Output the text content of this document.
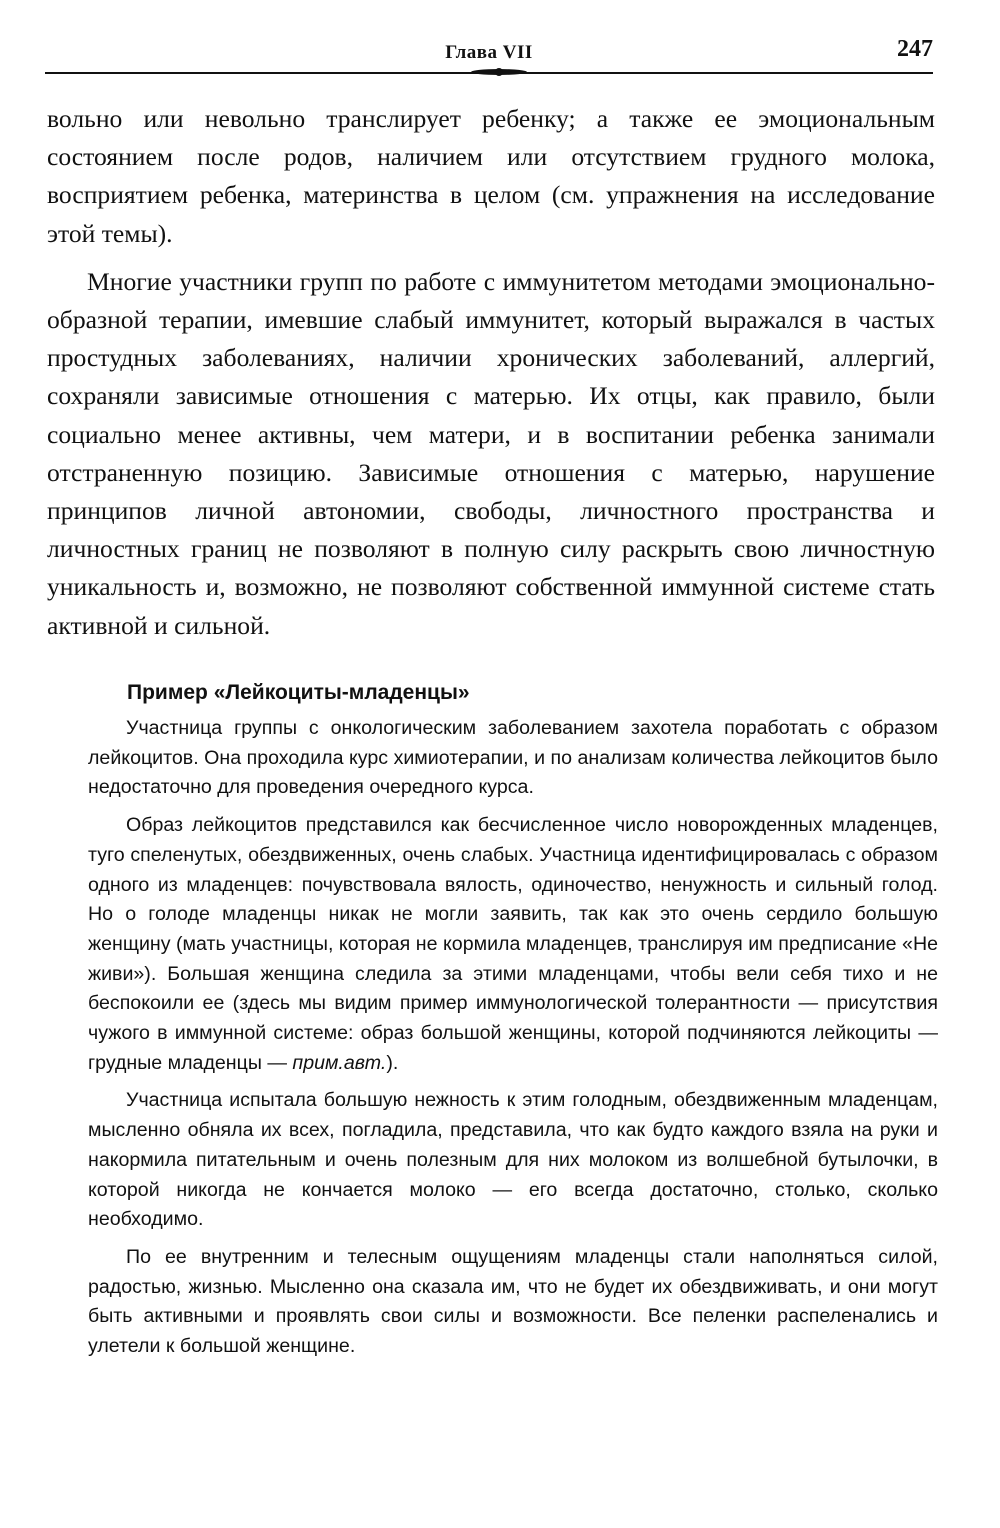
Глава VII	247

вольно или невольно транслирует ребенку; а также ее эмоциональным состоянием после родов, наличием или отсутствием грудного молока, восприятием ребенка, материнства в целом (см. упражнения на исследование этой темы).

Многие участники групп по работе с иммунитетом методами эмоционально-образной терапии, имевшие слабый иммунитет, который выражался в частых простудных заболеваниях, наличии хронических заболеваний, аллергий, сохраняли зависимые отношения с матерью. Их отцы, как правило, были социально менее активны, чем матери, и в воспитании ребенка занимали отстраненную позицию. Зависимые отношения с матерью, нарушение принципов личной автономии, свободы, личностного пространства и личностных границ не позволяют в полную силу раскрыть свою личностную уникальность и, возможно, не позволяют собственной иммунной системе стать активной и сильной.

Пример «Лейкоциты-младенцы»

Участница группы с онкологическим заболеванием захотела поработать с образом лейкоцитов. Она проходила курс химиотерапии, и по анализам количества лейкоцитов было недостаточно для проведения очередного курса.

Образ лейкоцитов представился как бесчисленное число новорожденных младенцев, туго спеленутых, обездвиженных, очень слабых. Участница идентифицировалась с образом одного из младенцев: почувствовала вялость, одиночество, ненужность и сильный голод. Но о голоде младенцы никак не могли заявить, так как это очень сердило большую женщину (мать участницы, которая не кормила младенцев, транслируя им предписание «Не живи»). Большая женщина следила за этими младенцами, чтобы вели себя тихо и не беспокоили ее (здесь мы видим пример иммунологической толерантности — присутствия чужого в иммунной системе: образ большой женщины, которой подчиняются лейкоциты — грудные младенцы — прим.авт.).

Участница испытала большую нежность к этим голодным, обездвиженным младенцам, мысленно обняла их всех, погладила, представила, что как будто каждого взяла на руки и накормила питательным и очень полезным для них молоком из волшебной бутылочки, в которой никогда не кончается молоко — его всегда достаточно, столько, сколько необходимо.

По ее внутренним и телесным ощущениям младенцы стали наполняться силой, радостью, жизнью. Мысленно она сказала им, что не будет их обездвиживать, и они могут быть активными и проявлять свои силы и возможности. Все пеленки распеленались и улетели к большой женщине.
